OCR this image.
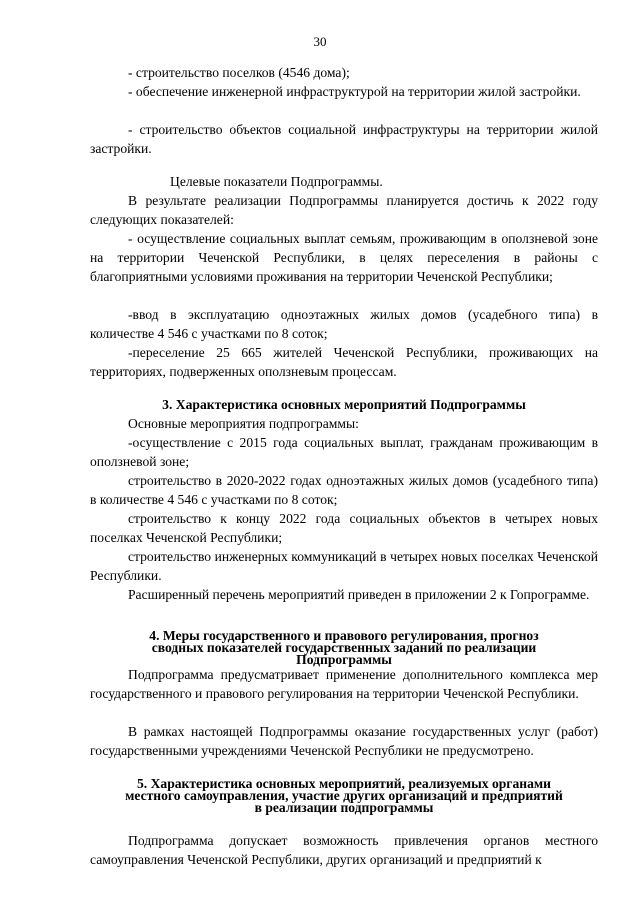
30
- строительство поселков (4546 дома);
- обеспечение инженерной инфраструктурой на территории жилой застройки.
- строительство объектов социальной инфраструктуры на территории жилой застройки.
Целевые показатели Подпрограммы.
В результате реализации Подпрограммы планируется достичь к 2022 году следующих показателей:
- осуществление социальных выплат семьям, проживающим в оползневой зоне на территории Чеченской Республики, в целях переселения в районы с благоприятными условиями проживания на территории Чеченской Республики;
-ввод в эксплуатацию одноэтажных жилых домов (усадебного типа) в количестве 4 546 с участками по 8 соток;
-переселение 25 665 жителей Чеченской Республики, проживающих на территориях, подверженных оползневым процессам.
3. Характеристика основных мероприятий Подпрограммы
Основные мероприятия подпрограммы:
-осуществление с 2015 года социальных выплат, гражданам проживающим в оползневой зоне;
строительство в 2020-2022 годах одноэтажных жилых домов (усадебного типа) в количестве 4 546 с участками по 8 соток;
строительство к концу 2022 года социальных объектов в четырех новых поселках Чеченской Республики;
строительство инженерных коммуникаций в четырех новых поселках Чеченской Республики.
Расширенный перечень мероприятий приведен в приложении 2 к Гопрограмме.
4. Меры государственного и правового регулирования, прогноз
сводных показателей государственных заданий по реализации
Подпрограммы
Подпрограмма предусматривает применение дополнительного комплекса мер государственного и правового регулирования на территории Чеченской Республики.
В рамках настоящей Подпрограммы оказание государственных услуг (работ) государственными учреждениями Чеченской Республики не предусмотрено.
5. Характеристика основных мероприятий, реализуемых органами
местного самоуправления, участие других организаций и предприятий
в реализации подпрограммы
Подпрограмма допускает возможность привлечения органов местного самоуправления Чеченской Республики, других организаций и предприятий к
